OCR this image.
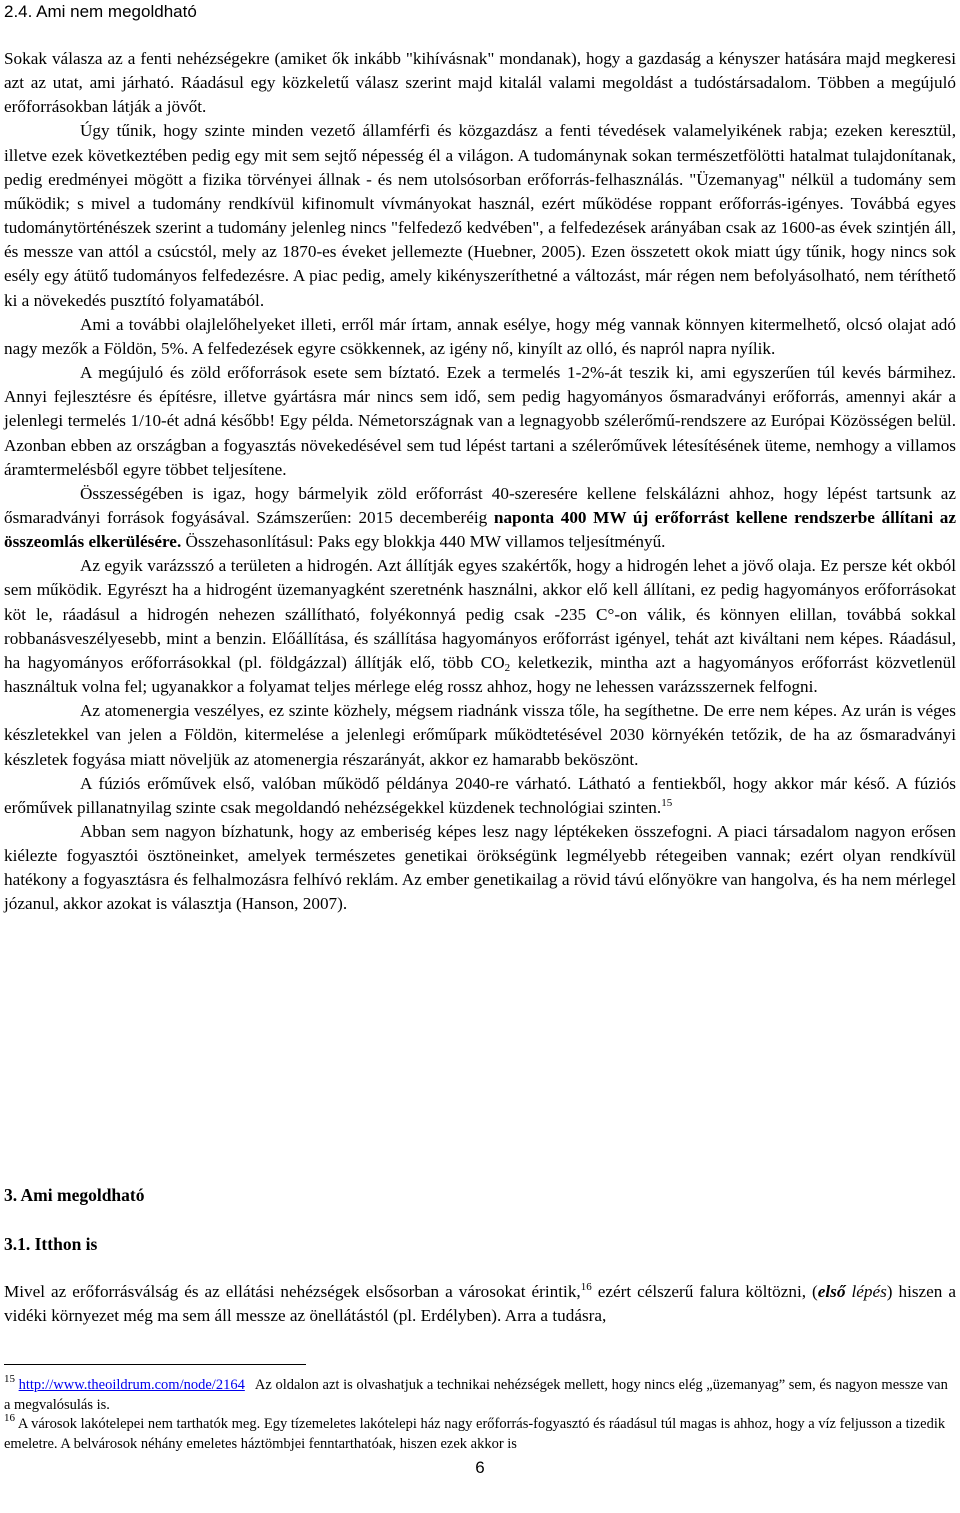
2.4. Ami nem megoldható

Sokak válasza az a fenti nehézségekre (amiket ők inkább "kihívásnak" mondanak), hogy a gazdaság a kényszer hatására majd megkeresi azt az utat, ami járható. Ráadásul egy közkeletű válasz szerint majd kitalál valami megoldást a tudóstársadalom. Többen a megújuló erőforrásokban látják a jövőt.

Úgy tűnik, hogy szinte minden vezető államférfi és közgazdász a fenti tévedések valamelyikének rabja; ezeken keresztül, illetve ezek következtében pedig egy mit sem sejtő népesség él a világon. A tudománynak sokan természetfölötti hatalmat tulajdonítanak, pedig eredményei mögött a fizika törvényei állnak - és nem utolsósorban erőforrás-felhasználás. "Üzemanyag" nélkül a tudomány sem működik; s mivel a tudomány rendkívül kifinomult vívmányokat használ, ezért működése roppant erőforrás-igényes. Továbbá egyes tudománytörténészek szerint a tudomány jelenleg nincs "felfedező kedvében", a felfedezések arányában csak az 1600-as évek szintjén áll, és messze van attól a csúcstól, mely az 1870-es éveket jellemezte (Huebner, 2005). Ezen összetett okok miatt úgy tűnik, hogy nincs sok esély egy átütő tudományos felfedezésre. A piac pedig, amely kikényszeríthetné a változást, már régen nem befolyásolható, nem téríthető ki a növekedés pusztító folyamatából.

Ami a további olajlelőhelyeket illeti, erről már írtam, annak esélye, hogy még vannak könnyen kitermelhető, olcsó olajat adó nagy mezők a Földön, 5%. A felfedezések egyre csökkennek, az igény nő, kinyílt az olló, és napról napra nyílik.

A megújuló és zöld erőforrások esete sem bíztató. Ezek a termelés 1-2%-át teszik ki, ami egyszerűen túl kevés bármihez. Annyi fejlesztésre és építésre, illetve gyártásra már nincs sem idő, sem pedig hagyományos ősmaradványi erőforrás, amennyi akár a jelenlegi termelés 1/10-ét adná később! Egy példa. Németországnak van a legnagyobb szélerőmű-rendszere az Európai Közösségen belül. Azonban ebben az országban a fogyasztás növekedésével sem tud lépést tartani a szélerőművek létesítésének üteme, nemhogy a villamos áramtermelésből egyre többet teljesítene.

Összességében is igaz, hogy bármelyik zöld erőforrást 40-szeresére kellene felskálázni ahhoz, hogy lépést tartsunk az ősmaradványi források fogyásával. Számszerűen: 2015 decemberéig naponta 400 MW új erőforrást kellene rendszerbe állítani az összeomlás elkerülésére. Összehasonlításul: Paks egy blokkja 440 MW villamos teljesítményű.

Az egyik varázsszó a területen a hidrogén. Azt állítják egyes szakértők, hogy a hidrogén lehet a jövő olaja. Ez persze két okból sem működik. Egyrészt ha a hidrogént üzemanyagként szeretnénk használni, akkor elő kell állítani, ez pedig hagyományos erőforrásokat köt le, ráadásul a hidrogén nehezen szállítható, folyékonnyá pedig csak -235 C°-on válik, és könnyen elillan, továbbá sokkal robbanásveszélyesebb, mint a benzin. Előállítása, és szállítása hagyományos erőforrást igényel, tehát azt kiváltani nem képes. Ráadásul, ha hagyományos erőforrásokkal (pl. földgázzal) állítják elő, több $CO_2$ keletkezik, mintha azt a hagyományos erőforrást közvetlenül használtuk volna fel; ugyanakkor a folyamat teljes mérlege elég rossz ahhoz, hogy ne lehessen varázsszernek felfogni.

Az atomenergia veszélyes, ez szinte közhely, mégsem riadnánk vissza tőle, ha segíthetne. De erre nem képes. Az urán is véges készletekkel van jelen a Földön, kitermelése a jelenlegi erőműpark működtetésével 2030 környékén tetőzik, de ha az ősmaradványi készletek fogyása miatt növeljük az atomenergia részarányát, akkor ez hamarabb beköszönt.

A fúziós erőművek első, valóban működő példánya 2040-re várható. Látható a fentiekből, hogy akkor már késő. A fúziós erőművek pillanatnyilag szinte csak megoldandó nehézségekkel küzdenek technológiai szinten.$^{15}$

Abban sem nagyon bízhatunk, hogy az emberiség képes lesz nagy léptékeken összefogni. A piaci társadalom nagyon erősen kiélezte fogyasztói ösztöneinket, amelyek természetes genetikai örökségünk legmélyebb rétegeiben vannak; ezért olyan rendkívül hatékony a fogyasztásra és felhalmozásra felhívó reklám. Az ember genetikailag a rövid távú előnyökre van hangolva, és ha nem mérlegel józanul, akkor azokat is választja (Hanson, 2007).

3. Ami megoldható
3.1. Itthon is

Mivel az erőforrásválság és az ellátási nehézségek elsősorban a városokat érintik,$^{16}$ ezért célszerű falura költözni, (első lépés) hiszen a vidéki környezet még ma sem áll messze az önellátástól (pl. Erdélyben). Arra a tudásra,

$^{15}$ http://www.theoildrum.com/node/2164 Az oldalon azt is olvashatjuk a technikai nehézségek mellett, hogy nincs elég „üzemanyag” sem, és nagyon messze van a megvalósulás is.

$^{16}$ A városok lakótelepei nem tarthatók meg. Egy tízemeletes lakótelepi ház nagy erőforrás-fogyasztó és ráadásul túl magas is ahhoz, hogy a víz feljusson a tizedik emeletre. A belvárosok néhány emeletes háztömbjei fenntarthatóak, hiszen ezek akkor is

6
